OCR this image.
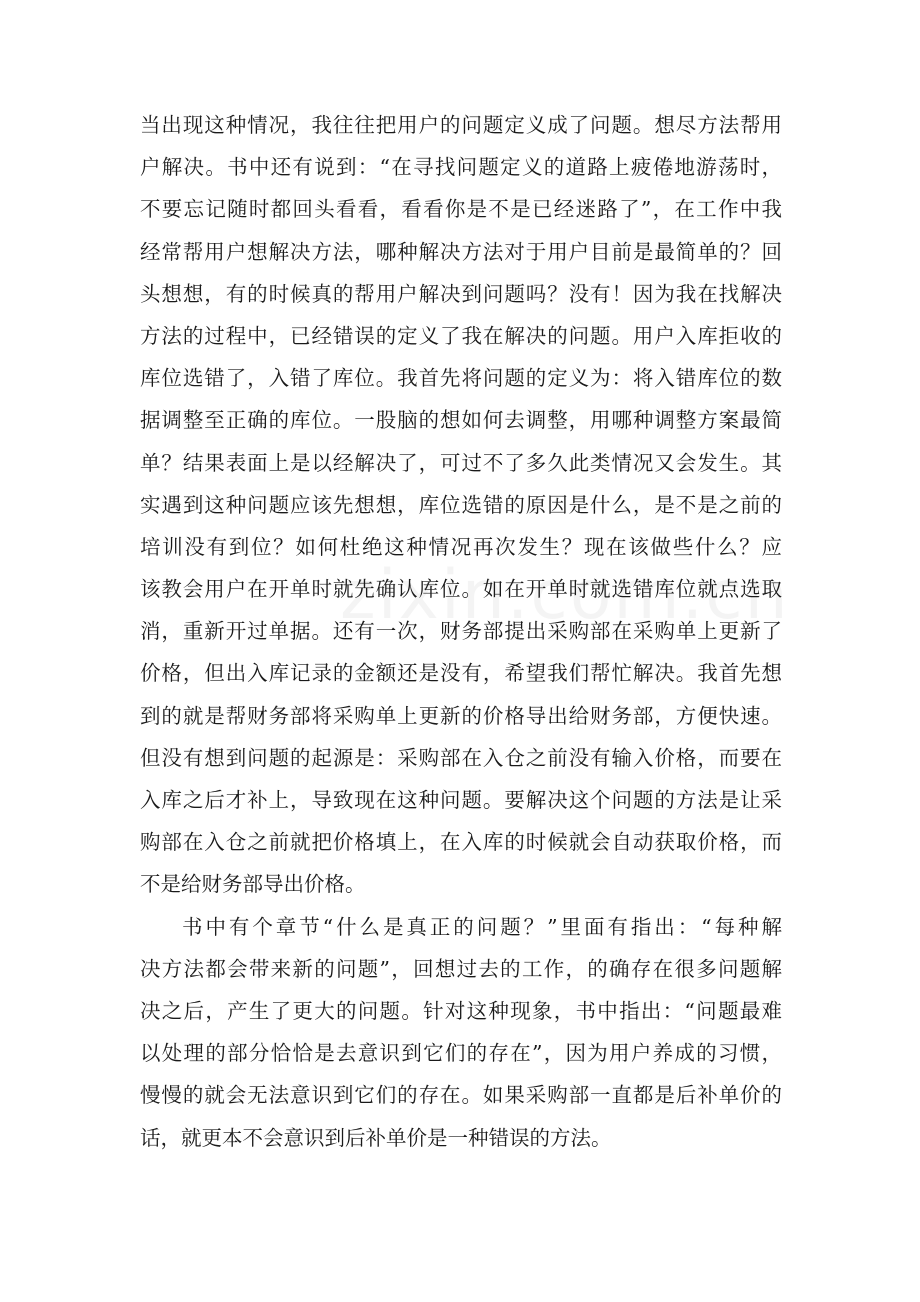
当出现这种情况，我往往把用户的问题定义成了问题。想尽方法帮用
户解决。书中还有说到：“在寻找问题定义的道路上疲倦地游荡时，
不要忘记随时都回头看看，看看你是不是已经迷路了”，在工作中我
经常帮用户想解决方法，哪种解决方法对于用户目前是最简单的？回
头想想，有的时候真的帮用户解决到问题吗？没有！因为我在找解决
方法的过程中，已经错误的定义了我在解决的问题。用户入库拒收的
库位选错了，入错了库位。我首先将问题的定义为：将入错库位的数
据调整至正确的库位。一股脑的想如何去调整，用哪种调整方案最简
单？结果表面上是以经解决了，可过不了多久此类情况又会发生。其
实遇到这种问题应该先想想，库位选错的原因是什么，是不是之前的
培训没有到位？如何杜绝这种情况再次发生？现在该做些什么？应
该教会用户在开单时就先确认库位。如在开单时就选错库位就点选取
消，重新开过单据。还有一次，财务部提出采购部在采购单上更新了
价格，但出入库记录的金额还是没有，希望我们帮忙解决。我首先想
到的就是帮财务部将采购单上更新的价格导出给财务部，方便快速。
但没有想到问题的起源是：采购部在入仓之前没有输入价格，而要在
入库之后才补上，导致现在这种问题。要解决这个问题的方法是让采
购部在入仓之前就把价格填上，在入库的时候就会自动获取价格，而
不是给财务部导出价格。
书中有个章节“什么是真正的问题？”里面有指出：“每种解
决方法都会带来新的问题”，回想过去的工作，的确存在很多问题解
决之后，产生了更大的问题。针对这种现象，书中指出：“问题最难
以处理的部分恰恰是去意识到它们的存在”，因为用户养成的习惯，
慢慢的就会无法意识到它们的存在。如果采购部一直都是后补单价的
话，就更本不会意识到后补单价是一种错误的方法。
